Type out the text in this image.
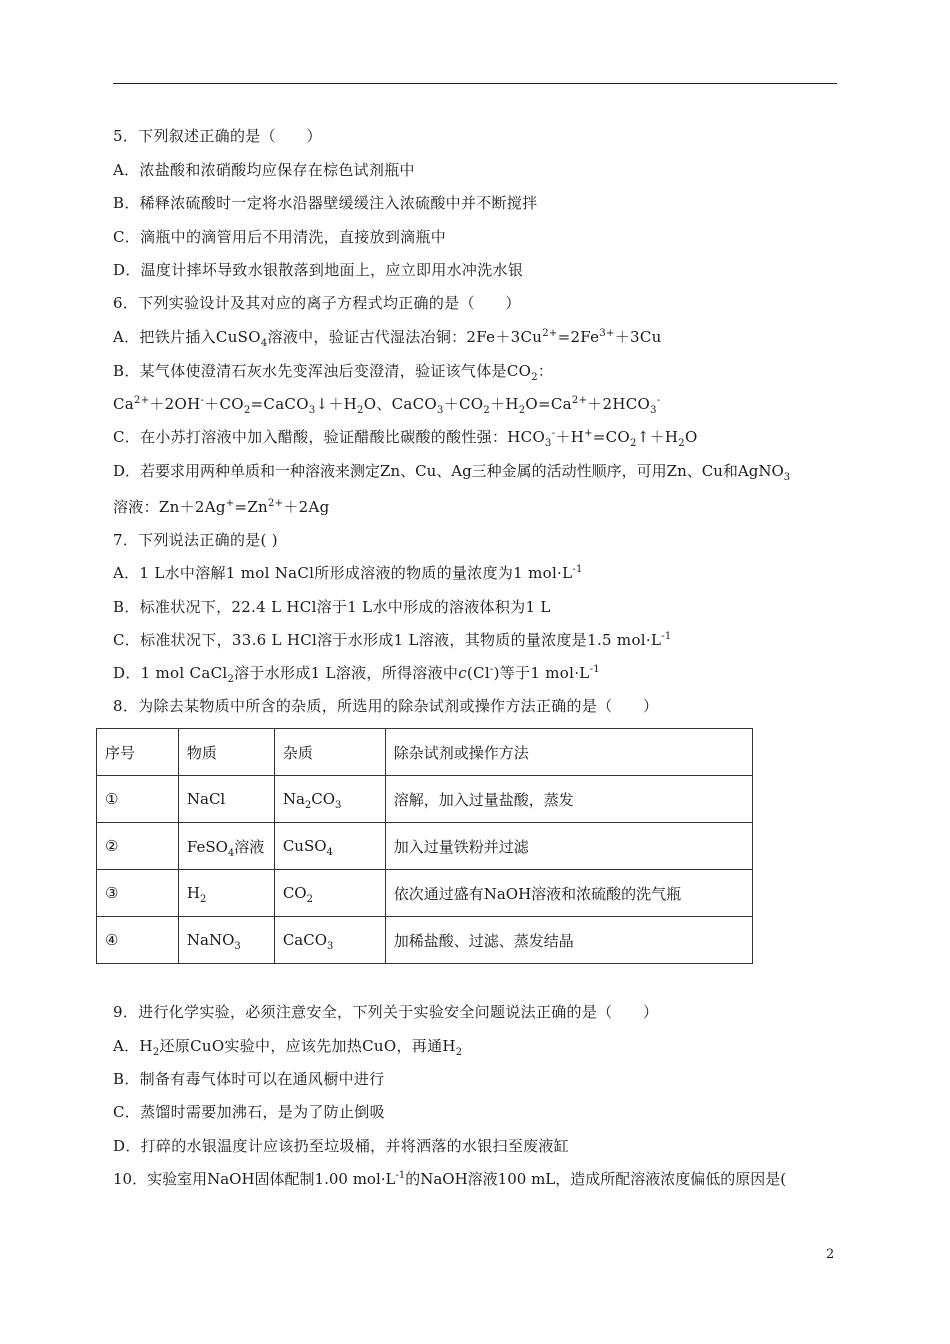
5．下列叙述正确的是（　　）
A．浓盐酸和浓硝酸均应保存在棕色试剂瓶中
B．稀释浓硫酸时一定将水沿器壁缓缓注入浓硫酸中并不断搅拌
C．滴瓶中的滴管用后不用清洗，直接放到滴瓶中
D．温度计摔坏导致水银散落到地面上，应立即用水冲洗水银
6．下列实验设计及其对应的离子方程式均正确的是（　　）
A．把铁片插入CuSO$_4$溶液中，验证古代湿法冶铜：$2Fe+3Cu^{2+}=2Fe^{3+}+3Cu$
B．某气体使澄清石灰水先变浑浊后变澄清，验证该气体是$CO_2$：
$Ca^{2+}+2OH^-+CO_2=CaCO_3↓+H_2O$、$CaCO_3+CO_2+H_2O=Ca^{2+}+2HCO_3^-$
C．在小苏打溶液中加入醋酸，验证醋酸比碳酸的酸性强：$HCO_3^-+H^+=CO_2↑+H_2O$
D．若要求用两种单质和一种溶液来测定Zn、Cu、Ag三种金属的活动性顺序，可用Zn、Cu和AgNO$_3$
溶液：$Zn+2Ag^+=Zn^{2+}+2Ag$
7．下列说法正确的是( )
A．1 L水中溶解1 mol NaCl所形成溶液的物质的量浓度为1 $mol\cdot L^{-1}$
B．标准状况下，22.4 L HCl溶于1 L水中形成的溶液体积为1 L
C．标准状况下，33.6 L HCl溶于水形成1 L溶液，其物质的量浓度是1.5 $mol\cdot L^{-1}$
D．1 mol CaCl$_2$溶于水形成1 L溶液，所得溶液中c(Cl-)等于1 $mol\cdot L^{-1}$
8．为除去某物质中所含的杂质，所选用的除杂试剂或操作方法正确的是（　　）
序号	物质	杂质	除杂试剂或操作方法
①	NaCl	$Na_2CO_3$	溶解，加入过量盐酸，蒸发
②	FeSO$_4$溶液	CuSO$_4$	加入过量铁粉并过滤
③	$H_2$	$CO_2$	依次通过盛有NaOH溶液和浓硫酸的洗气瓶
④	NaNO$_3$	CaCO$_3$	加稀盐酸、过滤、蒸发结晶
9．进行化学实验，必须注意安全，下列关于实验安全问题说法正确的是（　　）
A．$H_2$还原CuO实验中，应该先加热CuO，再通$H_2$
B．制备有毒气体时可以在通风橱中进行
C．蒸馏时需要加沸石，是为了防止倒吸
D．打碎的水银温度计应该扔至垃圾桶，并将洒落的水银扫至废液缸
10．实验室用NaOH固体配制1.00 $mol\cdot L^{-1}$的NaOH溶液100 mL，造成所配溶液浓度偏低的原因是(
2
